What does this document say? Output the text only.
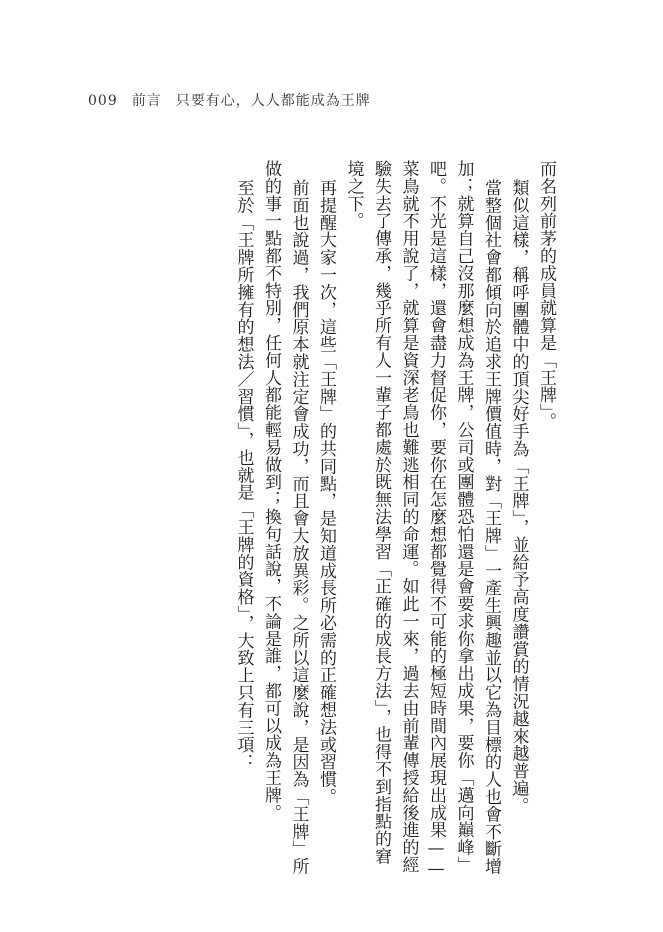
009 前言 只要有心，人人都能成為王牌

而名列前茅的成員就算是「王牌」。

類似這樣，稱呼團體中的頂尖好手為「王牌」，並給予高度讚賞的情況越來越普遍。

當整個社會都傾向於追求王牌價值時，對「王牌」一產生興趣並以它為目標的人也會不斷增加；就算自己沒那麼想成為王牌，公司或團體恐怕還是會要求你拿出成果，要你「邁向巔峰」吧。不光是這樣，還會盡力督促你，要你在怎麼想都覺得不可能的極短時間內展現出成果——菜鳥就不用說了，就算是資深老鳥也難逃相同的命運。如此一來，過去由前輩傳授給後進的經驗失去了傳承，幾乎所有人一輩子都處於既無法學習「正確的成長方法」，也得不到指點的窘境之下。

再提醒大家一次，這些「王牌」的共同點，是知道成長所必需的正確想法或習慣。

前面也說過，我們原本就注定會成功，而且會大放異彩。之所以這麼說，是因為「王牌」所做的事一點都不特別，任何人都能輕易做到；換句話說，不論是誰，都可以成為王牌。

至於「王牌所擁有的想法／習慣」，也就是「王牌的資格」，大致上只有三項：
